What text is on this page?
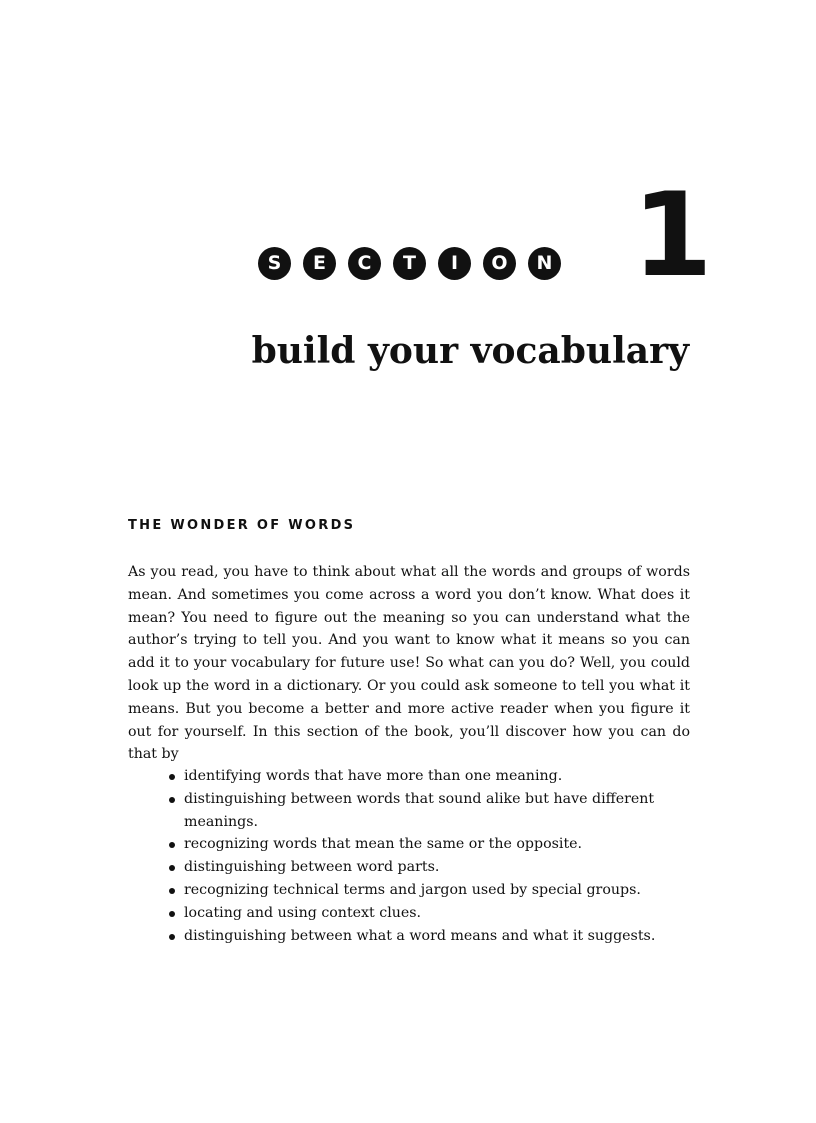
S	E	C	T	I	O	N 1
build your vocabulary
THE WONDER OF WORDS

As you read, you have to think about what all the words and groups of words mean. And sometimes you come across a word you don’t know. What does it mean? You need to figure out the meaning so you can understand what the author’s trying to tell you. And you want to know what it means so you can add it to your vocabulary for future use! So what can you do? Well, you could look up the word in a dictionary. Or you could ask someone to tell you what it means. But you become a better and more active reader when you figure it out for yourself. In this section of the book, you’ll discover how you can do that by

identifying words that have more than one meaning.
distinguishing between words that sound alike but have different meanings.
recognizing words that mean the same or the opposite.
distinguishing between word parts.
recognizing technical terms and jargon used by special groups.
locating and using context clues.
distinguishing between what a word means and what it suggests.
